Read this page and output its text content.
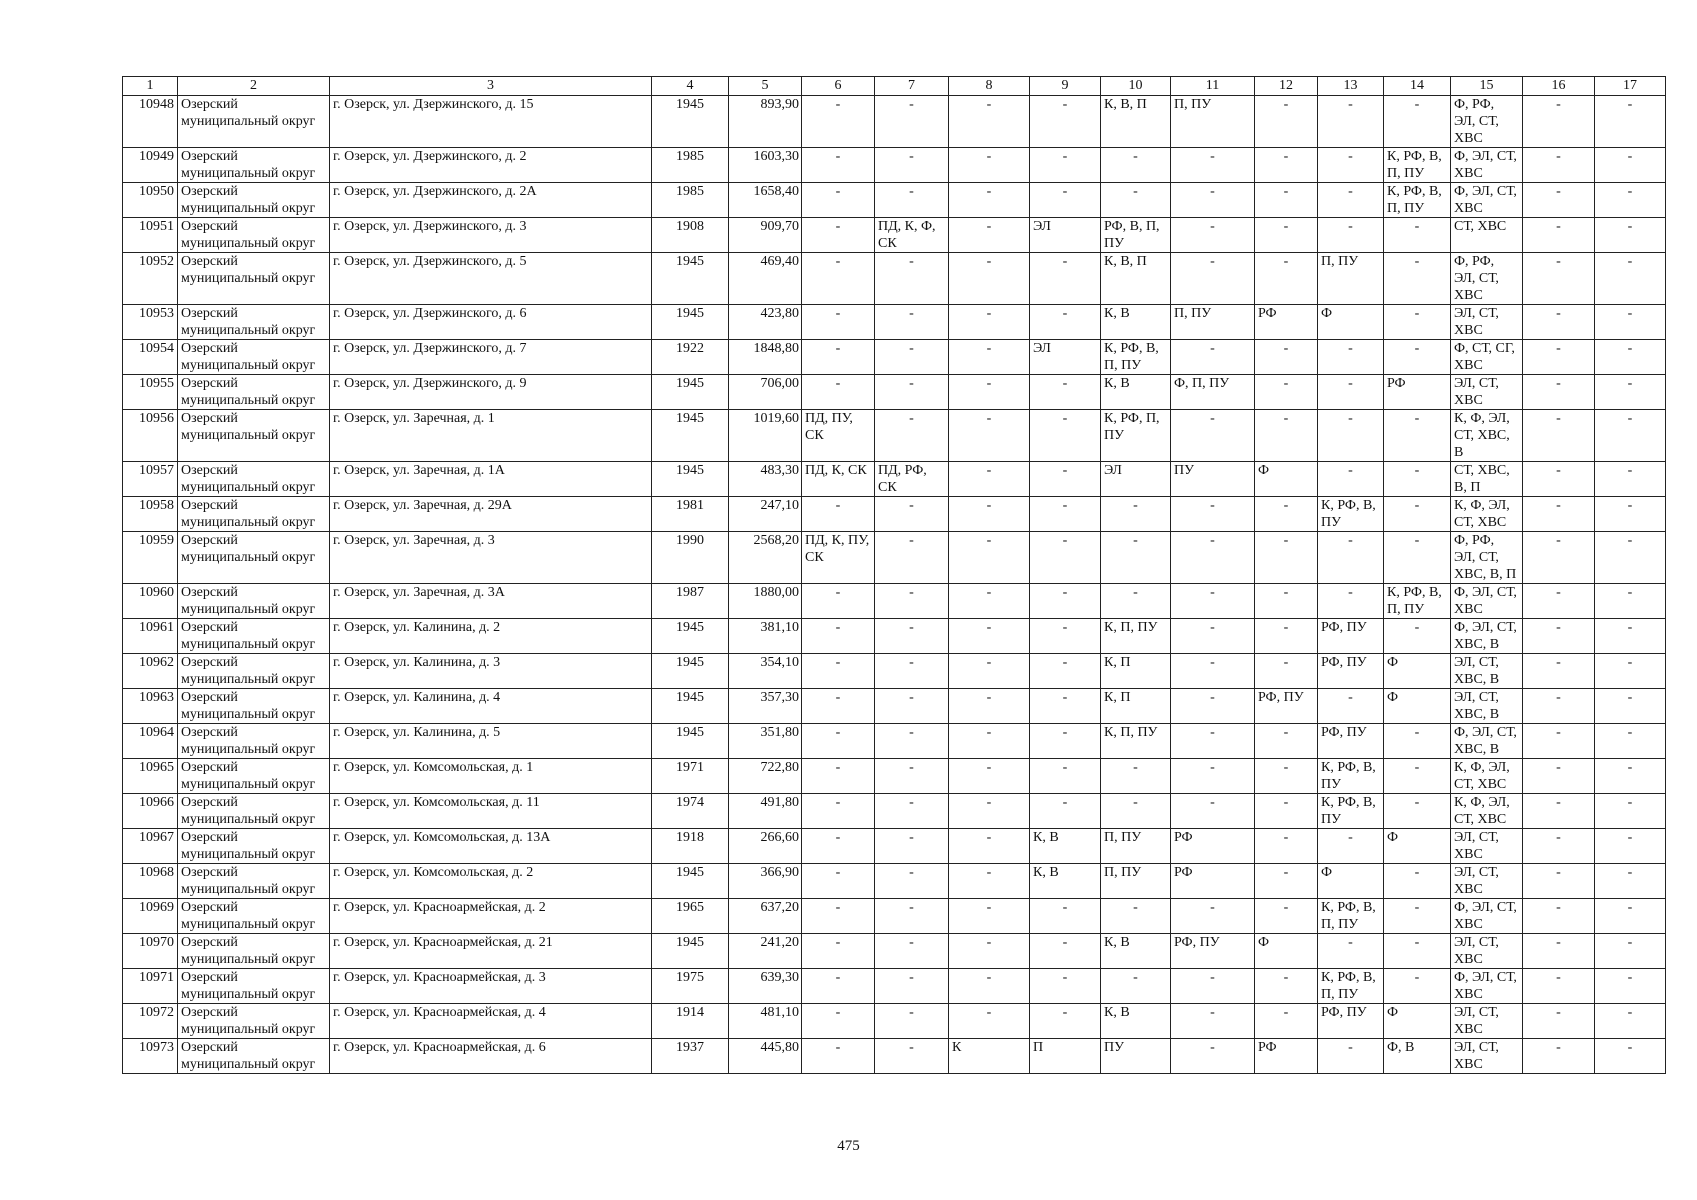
1	2	3	4	5	6	7	8	9	10	11	12	13	14	15	16	17
10948	Озерский муниципальный округ	г. Озерск, ул. Дзержинского, д. 15	1945	893,90	-	-	-	-	К, В, П	П, ПУ	-	-	-	Ф, РФ, ЭЛ, СТ, ХВС	-	-
10949	Озерский муниципальный округ	г. Озерск, ул. Дзержинского, д. 2	1985	1603,30	-	-	-	-	-	-	-	-	К, РФ, В, П, ПУ	Ф, ЭЛ, СТ, ХВС	-	-
10950	Озерский муниципальный округ	г. Озерск, ул. Дзержинского, д. 2А	1985	1658,40	-	-	-	-	-	-	-	-	К, РФ, В, П, ПУ	Ф, ЭЛ, СТ, ХВС	-	-
10951	Озерский муниципальный округ	г. Озерск, ул. Дзержинского, д. 3	1908	909,70	-	ПД, К, Ф, СК	-	ЭЛ	РФ, В, П, ПУ	-	-	-	-	СТ, ХВС	-	-
10952	Озерский муниципальный округ	г. Озерск, ул. Дзержинского, д. 5	1945	469,40	-	-	-	-	К, В, П	-	-	П, ПУ	-	Ф, РФ, ЭЛ, СТ, ХВС	-	-
10953	Озерский муниципальный округ	г. Озерск, ул. Дзержинского, д. 6	1945	423,80	-	-	-	-	К, В	П, ПУ	РФ	Ф	-	ЭЛ, СТ, ХВС	-	-
10954	Озерский муниципальный округ	г. Озерск, ул. Дзержинского, д. 7	1922	1848,80	-	-	-	ЭЛ	К, РФ, В, П, ПУ	-	-	-	-	Ф, СТ, СГ, ХВС	-	-
10955	Озерский муниципальный округ	г. Озерск, ул. Дзержинского, д. 9	1945	706,00	-	-	-	-	К, В	Ф, П, ПУ	-	-	РФ	ЭЛ, СТ, ХВС	-	-
10956	Озерский муниципальный округ	г. Озерск, ул. Заречная, д. 1	1945	1019,60	ПД, ПУ, СК	-	-	-	К, РФ, П, ПУ	-	-	-	-	К, Ф, ЭЛ, СТ, ХВС, В	-	-
10957	Озерский муниципальный округ	г. Озерск, ул. Заречная, д. 1А	1945	483,30	ПД, К, СК	ПД, РФ, СК	-	-	ЭЛ	ПУ	Ф	-	-	СТ, ХВС, В, П	-	-
10958	Озерский муниципальный округ	г. Озерск, ул. Заречная, д. 29А	1981	247,10	-	-	-	-	-	-	-	К, РФ, В, ПУ	-	К, Ф, ЭЛ, СТ, ХВС	-	-
10959	Озерский муниципальный округ	г. Озерск, ул. Заречная, д. 3	1990	2568,20	ПД, К, ПУ, СК	-	-	-	-	-	-	-	-	Ф, РФ, ЭЛ, СТ, ХВС, В, П	-	-
10960	Озерский муниципальный округ	г. Озерск, ул. Заречная, д. 3А	1987	1880,00	-	-	-	-	-	-	-	-	К, РФ, В, П, ПУ	Ф, ЭЛ, СТ, ХВС	-	-
10961	Озерский муниципальный округ	г. Озерск, ул. Калинина, д. 2	1945	381,10	-	-	-	-	К, П, ПУ	-	-	РФ, ПУ	-	Ф, ЭЛ, СТ, ХВС, В	-	-
10962	Озерский муниципальный округ	г. Озерск, ул. Калинина, д. 3	1945	354,10	-	-	-	-	К, П	-	-	РФ, ПУ	Ф	ЭЛ, СТ, ХВС, В	-	-
10963	Озерский муниципальный округ	г. Озерск, ул. Калинина, д. 4	1945	357,30	-	-	-	-	К, П	-	РФ, ПУ	-	Ф	ЭЛ, СТ, ХВС, В	-	-
10964	Озерский муниципальный округ	г. Озерск, ул. Калинина, д. 5	1945	351,80	-	-	-	-	К, П, ПУ	-	-	РФ, ПУ	-	Ф, ЭЛ, СТ, ХВС, В	-	-
10965	Озерский муниципальный округ	г. Озерск, ул. Комсомольская, д. 1	1971	722,80	-	-	-	-	-	-	-	К, РФ, В, ПУ	-	К, Ф, ЭЛ, СТ, ХВС	-	-
10966	Озерский муниципальный округ	г. Озерск, ул. Комсомольская, д. 11	1974	491,80	-	-	-	-	-	-	-	К, РФ, В, ПУ	-	К, Ф, ЭЛ, СТ, ХВС	-	-
10967	Озерский муниципальный округ	г. Озерск, ул. Комсомольская, д. 13А	1918	266,60	-	-	-	К, В	П, ПУ	РФ	-	-	Ф	ЭЛ, СТ, ХВС	-	-
10968	Озерский муниципальный округ	г. Озерск, ул. Комсомольская, д. 2	1945	366,90	-	-	-	К, В	П, ПУ	РФ	-	Ф	-	ЭЛ, СТ, ХВС	-	-
10969	Озерский муниципальный округ	г. Озерск, ул. Красноармейская, д. 2	1965	637,20	-	-	-	-	-	-	-	К, РФ, В, П, ПУ	-	Ф, ЭЛ, СТ, ХВС	-	-
10970	Озерский муниципальный округ	г. Озерск, ул. Красноармейская, д. 21	1945	241,20	-	-	-	-	К, В	РФ, ПУ	Ф	-	-	ЭЛ, СТ, ХВС	-	-
10971	Озерский муниципальный округ	г. Озерск, ул. Красноармейская, д. 3	1975	639,30	-	-	-	-	-	-	-	К, РФ, В, П, ПУ	-	Ф, ЭЛ, СТ, ХВС	-	-
10972	Озерский муниципальный округ	г. Озерск, ул. Красноармейская, д. 4	1914	481,10	-	-	-	-	К, В	-	-	РФ, ПУ	Ф	ЭЛ, СТ, ХВС	-	-
10973	Озерский муниципальный округ	г. Озерск, ул. Красноармейская, д. 6	1937	445,80	-	-	К	П	ПУ	-	РФ	-	Ф, В	ЭЛ, СТ, ХВС	-	-
475
